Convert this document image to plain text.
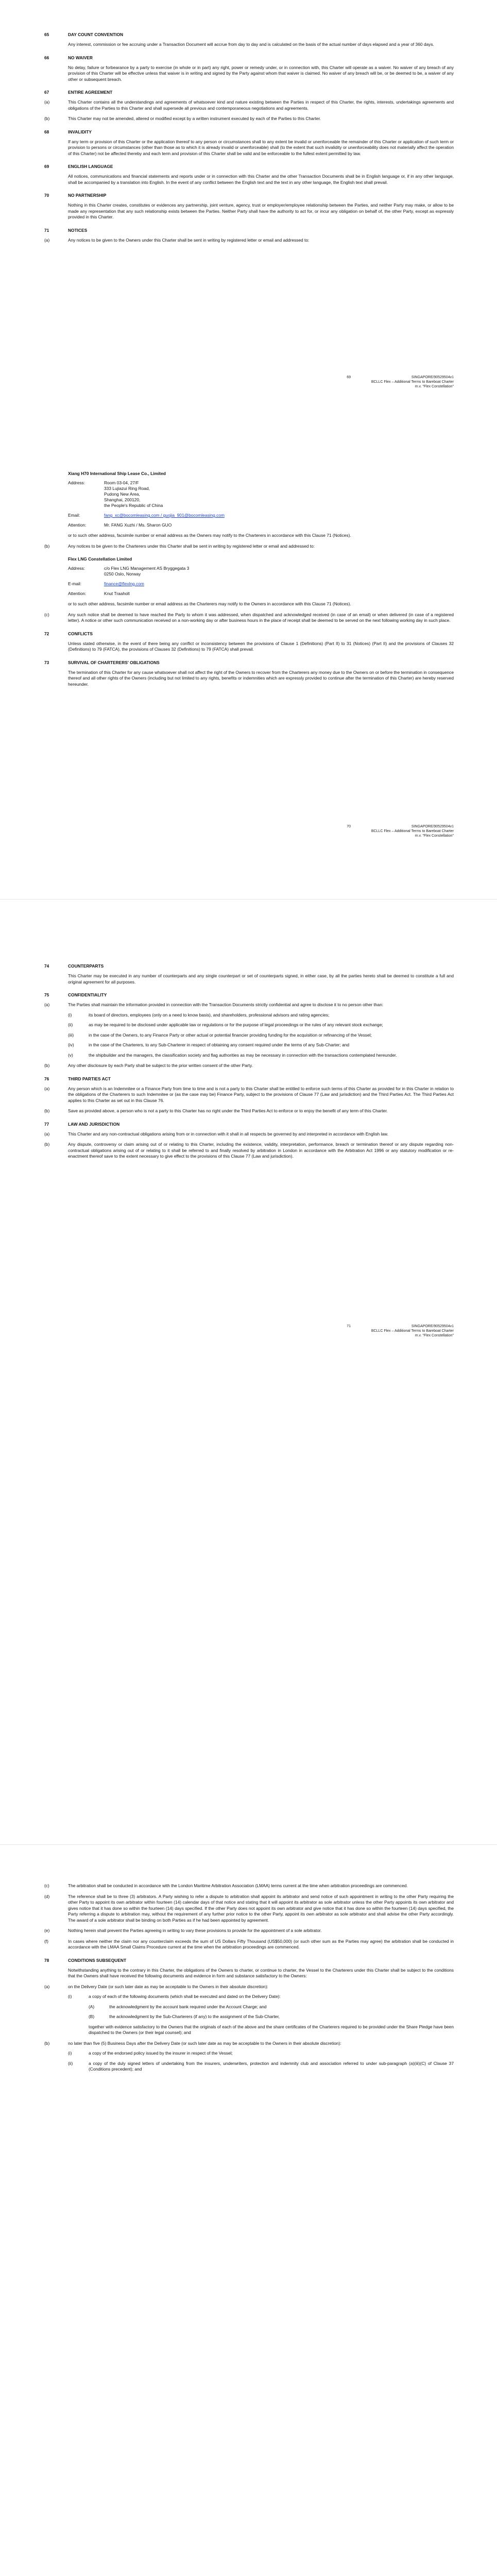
65	DAY COUNT CONVENTION
Any interest, commission or fee accruing under a Transaction Document will accrue from day to day and is calculated on the basis of the actual number of days elapsed and a year of 360 days.
66	NO WAIVER
No delay, failure or forbearance by a party to exercise (in whole or in part) any right, power or remedy under, or in connection with, this Charter will operate as a waiver. No waiver of any breach of any provision of this Charter will be effective unless that waiver is in writing and signed by the Party against whom that waiver is claimed. No waiver of any breach will be, or be deemed to be, a waiver of any other or subsequent breach.
67	ENTIRE AGREEMENT
(a)	This Charter contains all the understandings and agreements of whatsoever kind and nature existing between the Parties in respect of this Charter, the rights, interests, undertakings agreements and obligations of the Parties to this Charter and shall supersede all previous and contemporaneous negotiations and agreements.
(b)	This Charter may not be amended, altered or modified except by a written instrument executed by each of the Parties to this Charter.
68	INVALIDITY
If any term or provision of this Charter or the application thereof to any person or circumstances shall to any extent be invalid or unenforceable the remainder of this Charter or application of such term or provision to persons or circumstances (other than those as to which it is already invalid or unenforceable) shall (to the extent that such invalidity or unenforceability does not materially affect the operation of this Charter) not be affected thereby and each term and provision of this Charter shall be valid and be enforceable to the fullest extent permitted by law.
69	ENGLISH LANGUAGE
All notices, communications and financial statements and reports under or in connection with this Charter and the other Transaction Documents shall be in English language or, if in any other language, shall be accompanied by a translation into English. In the event of any conflict between the English text and the text in any other language, the English text shall prevail.
70	NO PARTNERSHIP
Nothing in this Charter creates, constitutes or evidences any partnership, joint venture, agency, trust or employer/employee relationship between the Parties, and neither Party may make, or allow to be made any representation that any such relationship exists between the Parties. Neither Party shall have the authority to act for, or incur any obligation on behalf of, the other Party, except as expressly provided in this Charter.
71	NOTICES
(a)	Any notices to be given to the Owners under this Charter shall be sent in writing by registered letter or email and addressed to:
69	SINGAPORE/90529504v1
BCLLC Flex – Additional Terms to Bareboat Charter
m.v. "Flex Constellation"
Xiang H70 International Ship Lease Co., Limited
Address:	Room 03-04, 27/F
333 Lujiazui Ring Road,
Pudong New Area,
Shanghai, 200120,
the People's Republic of China
Email:	fang_xc@bocomleasing.com / guojia_901@bocomleasing.com
Attention:	Mr. FANG Xuzhi / Ms. Sharon GUO
or to such other address, facsimile number or email address as the Owners may notify to the Charterers in accordance with this Clause 71 (Notices).
(b)	Any notices to be given to the Charterers under this Charter shall be sent in writing by registered letter or email and addressed to:
Flex LNG Constellation Limited
Address:	c/o Flex LNG Management AS Bryggegata 3
0250 Oslo, Norway
E-mail:	finance@flexlng.com
Attention:	Knut Traaholt
or to such other address, facsimile number or email address as the Charterers may notify to the Owners in accordance with this Clause 71 (Notices).
(c)	Any such notice shall be deemed to have reached the Party to whom it was addressed, when dispatched and acknowledged received (in case of an email) or when delivered (in case of a registered letter). A notice or other such communication received on a non-working day or after business hours in the place of receipt shall be deemed to be served on the next following working day in such place.
72	CONFLICTS
Unless stated otherwise, in the event of there being any conflict or inconsistency between the provisions of Clause 1 (Definitions) (Part II) to 31 (Notices) (Part II) and the provisions of Clauses 32 (Definitions) to 79 (FATCA), the provisions of Clauses 32 (Definitions) to 79 (FATCA) shall prevail.
73	SURVIVAL OF CHARTERERS' OBLIGATIONS
The termination of this Charter for any cause whatsoever shall not affect the right of the Owners to recover from the Charterers any money due to the Owners on or before the termination in consequence thereof and all other rights of the Owners (including but not limited to any rights, benefits or indemnities which are expressly provided to continue after the termination of this Charter) are hereby reserved hereunder.
70	SINGAPORE/90529504v1
BCLLC Flex – Additional Terms to Bareboat Charter
m.v. "Flex Constellation"
74	COUNTERPARTS
This Charter may be executed in any number of counterparts and any single counterpart or set of counterparts signed, in either case, by all the parties hereto shall be deemed to constitute a full and original agreement for all purposes.
75	CONFIDENTIALITY
(a)	The Parties shall maintain the information provided in connection with the Transaction Documents strictly confidential and agree to disclose it to no person other than:
(i)	its board of directors, employees (only on a need to know basis), and shareholders, professional advisors and rating agencies;
(ii)	as may be required to be disclosed under applicable law or regulations or for the purpose of legal proceedings or the rules of any relevant stock exchange;
(iii)	in the case of the Owners, to any Finance Party or other actual or potential financier providing funding for the acquisition or refinancing of the Vessel;
(iv)	in the case of the Charterers, to any Sub-Charterer in respect of obtaining any consent required under the terms of any Sub-Charter; and
(v)	the shipbuilder and the managers, the classification society and flag authorities as may be necessary in connection with the transactions contemplated hereunder.
(b)	Any other disclosure by each Party shall be subject to the prior written consent of the other Party.
76	THIRD PARTIES ACT
(a)	Any person which is an Indemnitee or a Finance Party from time to time and is not a party to this Charter shall be entitled to enforce such terms of this Charter as provided for in this Charter in relation to the obligations of the Charterers to such Indemnitee or (as the case may be) Finance Party, subject to the provisions of Clause 77 (Law and jurisdiction) and the Third Parties Act. The Third Parties Act applies to this Charter as set out in this Clause 76.
(b)	Save as provided above, a person who is not a party to this Charter has no right under the Third Parties Act to enforce or to enjoy the benefit of any term of this Charter.
77	LAW AND JURISDICTION
(a)	This Charter and any non-contractual obligations arising from or in connection with it shall in all respects be governed by and interpreted in accordance with English law.
(b)	Any dispute, controversy or claim arising out of or relating to this Charter, including the existence, validity, interpretation, performance, breach or termination thereof or any dispute regarding non-contractual obligations arising out of or relating to it shall be referred to and finally resolved by arbitration in London in accordance with the Arbitration Act 1996 or any statutory modification or re-enactment thereof save to the extent necessary to give effect to the provisions of this Clause 77 (Law and jurisdiction).
71	SINGAPORE/90529504v1
BCLLC Flex – Additional Terms to Bareboat Charter
m.v. "Flex Constellation"
(c)	The arbitration shall be conducted in accordance with the London Maritime Arbitration Association (LMAA) terms current at the time when arbitration proceedings are commenced.
(d)	The reference shall be to three (3) arbitrators. A Party wishing to refer a dispute to arbitration shall appoint its arbitrator and send notice of such appointment in writing to the other Party requiring the other Party to appoint its own arbitrator within fourteen (14) calendar days of that notice and stating that it will appoint its arbitrator as sole arbitrator unless the other Party appoints its own arbitrator and gives notice that it has done so within the fourteen (14) days specified. If the other Party does not appoint its own arbitrator and give notice that it has done so within the fourteen (14) days specified, the Party referring a dispute to arbitration may, without the requirement of any further prior notice to the other Party, appoint its own arbitrator as sole arbitrator and shall advise the other Party accordingly. The award of a sole arbitrator shall be binding on both Parties as if he had been appointed by agreement.
(e)	Nothing herein shall prevent the Parties agreeing in writing to vary these provisions to provide for the appointment of a sole arbitrator.
(f)	In cases where neither the claim nor any counterclaim exceeds the sum of US Dollars Fifty Thousand (US$50,000) (or such other sum as the Parties may agree) the arbitration shall be conducted in accordance with the LMAA Small Claims Procedure current at the time when the arbitration proceedings are commenced.
78	CONDITIONS SUBSEQUENT
Notwithstanding anything to the contrary in this Charter, the obligations of the Owners to charter, or continue to charter, the Vessel to the Charterers under this Charter shall be subject to the conditions that the Owners shall have received the following documents and evidence in form and substance satisfactory to the Owners:
(a)	on the Delivery Date (or such later date as may be acceptable to the Owners in their absolute discretion):
(i)	a copy of each of the following documents (which shall be executed and dated on the Delivery Date):
(A)	the acknowledgment by the account bank required under the Account Charge; and
(B)	the acknowledgment by the Sub-Charterers (if any) to the assignment of the Sub-Charter,
together with evidence satisfactory to the Owners that the originals of each of the above and the share certificates of the Charterers required to be provided under the Share Pledge have been dispatched to the Owners (or their legal counsel); and
(b)	no later than five (5) Business Days after the Delivery Date (or such later date as may be acceptable to the Owners in their absolute discretion):
(i)	a copy of the endorsed policy issued by the insurer in respect of the Vessel;
(ii)	a copy of the duly signed letters of undertaking from the insurers, underwriters, protection and indemnity club and association referred to under sub-paragraph (a)(iii)(C) of Clause 37 (Conditions precedent); and
